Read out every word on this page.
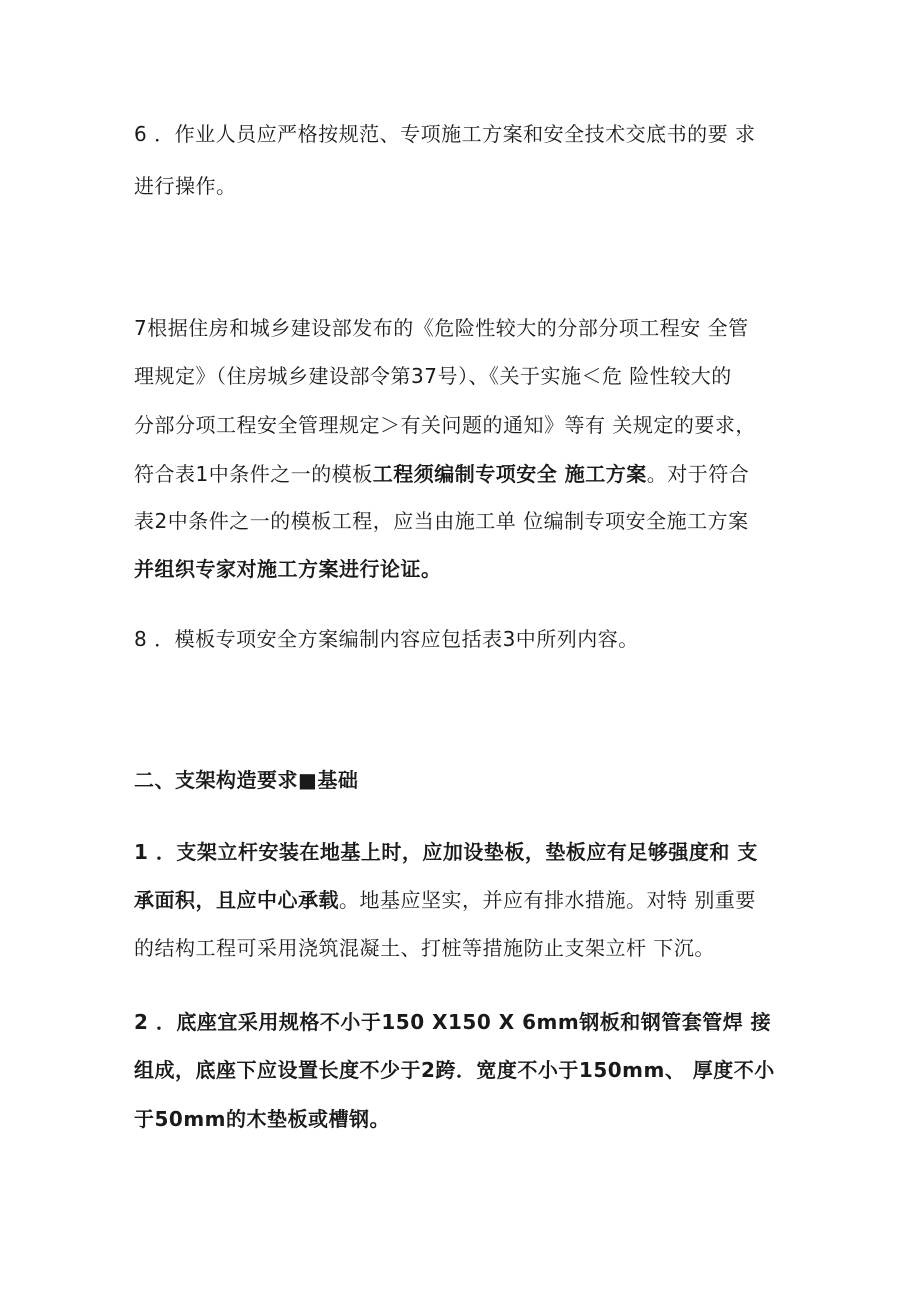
6 ．作业人员应严格按规范、专项施工方案和安全技术交底书的要 求
进行操作。
7根据住房和城乡建设部发布的《危险性较大的分部分项工程安 全管
理规定》（住房城乡建设部令第37号）、《关于实施＜危 险性较大的
分部分项工程安全管理规定＞有关问题的通知》等有 关规定的要求，
符合表1中条件之一的模板工程须编制专项安全 施工方案。对于符合
表2中条件之一的模板工程，应当由施工单 位编制专项安全施工方案
并组织专家对施工方案进行论证。
8 ．模板专项安全方案编制内容应包括表3中所列内容。
二、支架构造要求■基础
1 ．支架立杆安装在地基上时，应加设垫板，垫板应有足够强度和 支
承面积，且应中心承载。地基应坚实，并应有排水措施。对特 别重要
的结构工程可采用浇筑混凝土、打桩等措施防止支架立杆 下沉。
2 ．底座宜采用规格不小于150 X150 X 6mm钢板和钢管套管焊 接
组成，底座下应设置长度不少于2跨．宽度不小于150mm、 厚度不小
于50mm的木垫板或槽钢。
